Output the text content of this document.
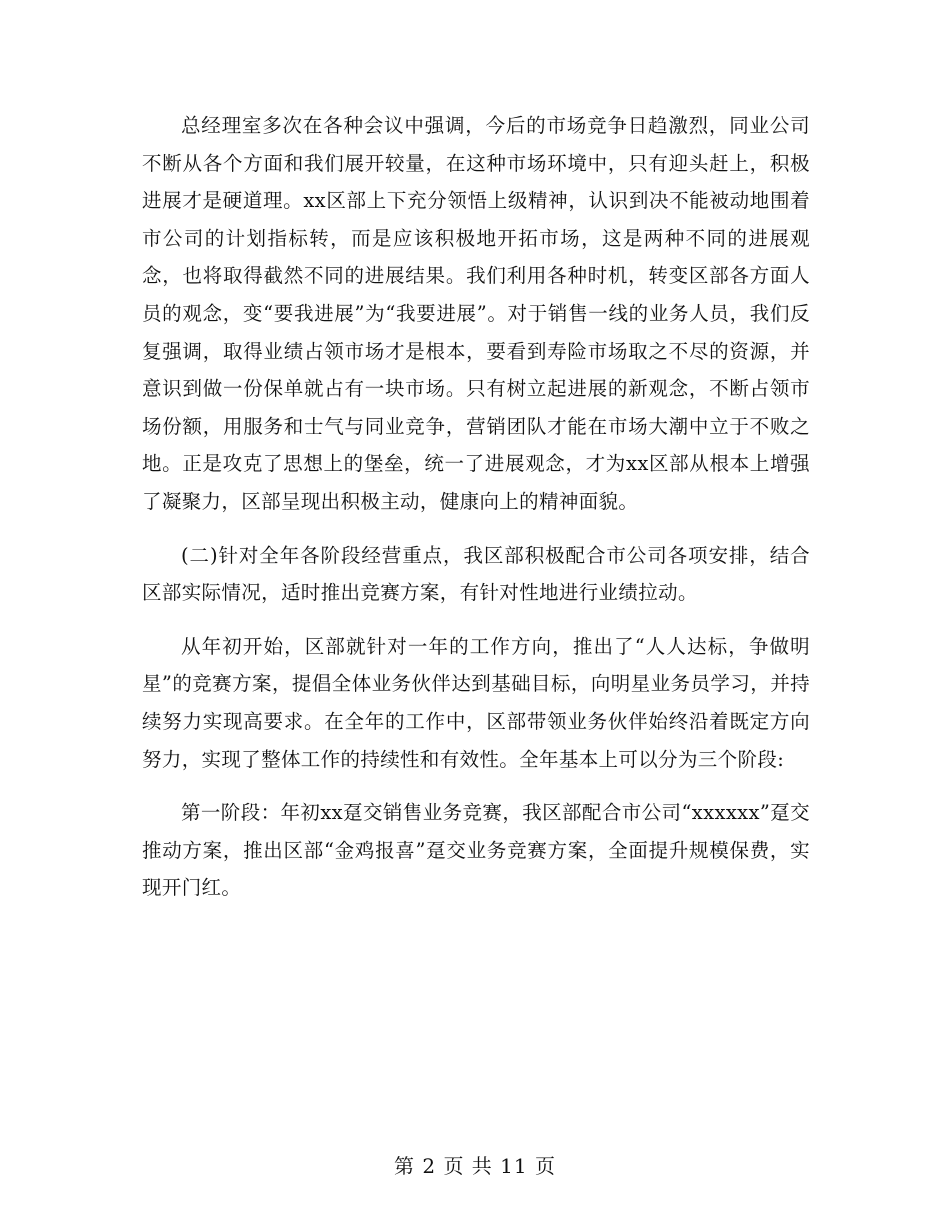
总经理室多次在各种会议中强调，今后的市场竞争日趋激烈，同业公司不断从各个方面和我们展开较量，在这种市场环境中，只有迎头赶上，积极进展才是硬道理。xx区部上下充分领悟上级精神，认识到决不能被动地围着市公司的计划指标转，而是应该积极地开拓市场，这是两种不同的进展观念，也将取得截然不同的进展结果。我们利用各种时机，转变区部各方面人员的观念，变“要我进展”为“我要进展”。对于销售一线的业务人员，我们反复强调，取得业绩占领市场才是根本，要看到寿险市场取之不尽的资源，并意识到做一份保单就占有一块市场。只有树立起进展的新观念，不断占领市场份额，用服务和士气与同业竞争，营销团队才能在市场大潮中立于不败之地。正是攻克了思想上的堡垒，统一了进展观念，才为xx区部从根本上增强了凝聚力，区部呈现出积极主动，健康向上的精神面貌。

(二)针对全年各阶段经营重点，我区部积极配合市公司各项安排，结合区部实际情况，适时推出竞赛方案，有针对性地进行业绩拉动。

从年初开始，区部就针对一年的工作方向，推出了“人人达标，争做明星”的竞赛方案，提倡全体业务伙伴达到基础目标，向明星业务员学习，并持续努力实现高要求。在全年的工作中，区部带领业务伙伴始终沿着既定方向努力，实现了整体工作的持续性和有效性。全年基本上可以分为三个阶段:

第一阶段：年初xx趸交销售业务竞赛，我区部配合市公司“xxxxxx”趸交推动方案，推出区部“金鸡报喜”趸交业务竞赛方案，全面提升规模保费，实现开门红。

第 2 页 共 11 页
